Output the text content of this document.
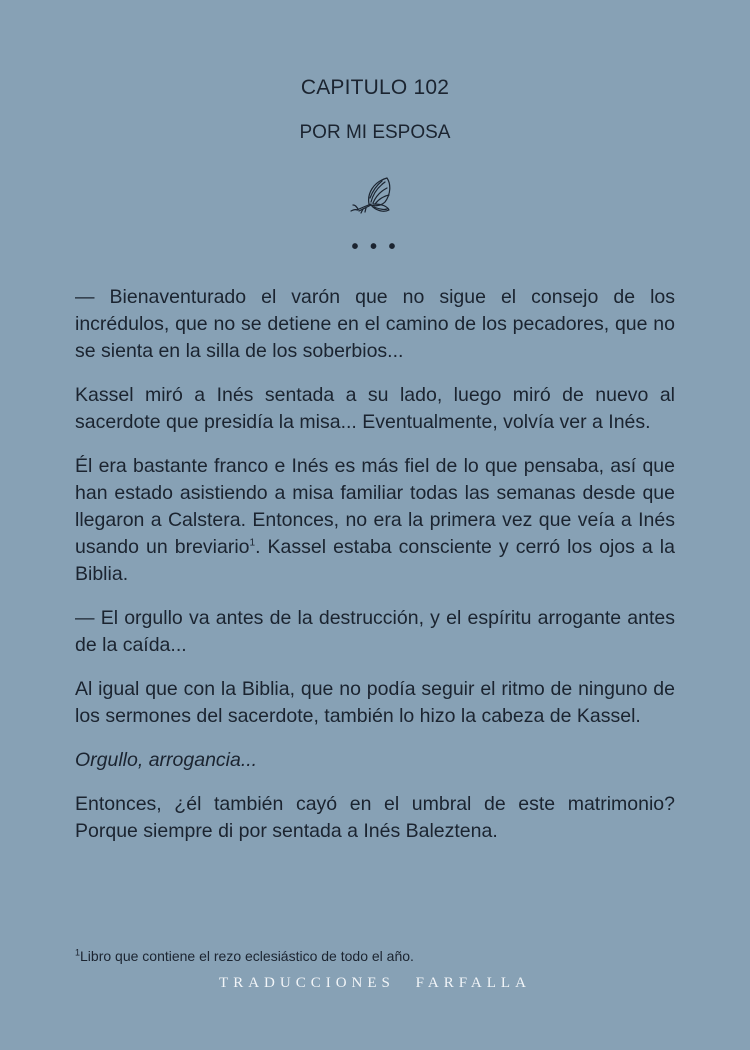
CAPITULO 102
POR MI ESPOSA
• • •

— Bienaventurado el varón que no sigue el consejo de los incrédulos, que no se detiene en el camino de los pecadores, que no se sienta en la silla de los soberbios...

Kassel miró a Inés sentada a su lado, luego miró de nuevo al sacerdote que presidía la misa... Eventualmente, volvía ver a Inés.

Él era bastante franco e Inés es más fiel de lo que pensaba, así que han estado asistiendo a misa familiar todas las semanas desde que llegaron a Calstera. Entonces, no era la primera vez que veía a Inés usando un breviario$^1$. Kassel estaba consciente y cerró los ojos a la Biblia.

— El orgullo va antes de la destrucción, y el espíritu arrogante antes de la caída...

Al igual que con la Biblia, que no podía seguir el ritmo de ninguno de los sermones del sacerdote, también lo hizo la cabeza de Kassel.

Orgullo, arrogancia...

Entonces, ¿él también cayó en el umbral de este matrimonio? Porque siempre di por sentada a Inés Baleztena.

$^1$Libro que contiene el rezo eclesiástico de todo el año.
TRADUCCIONES FARFALLA
